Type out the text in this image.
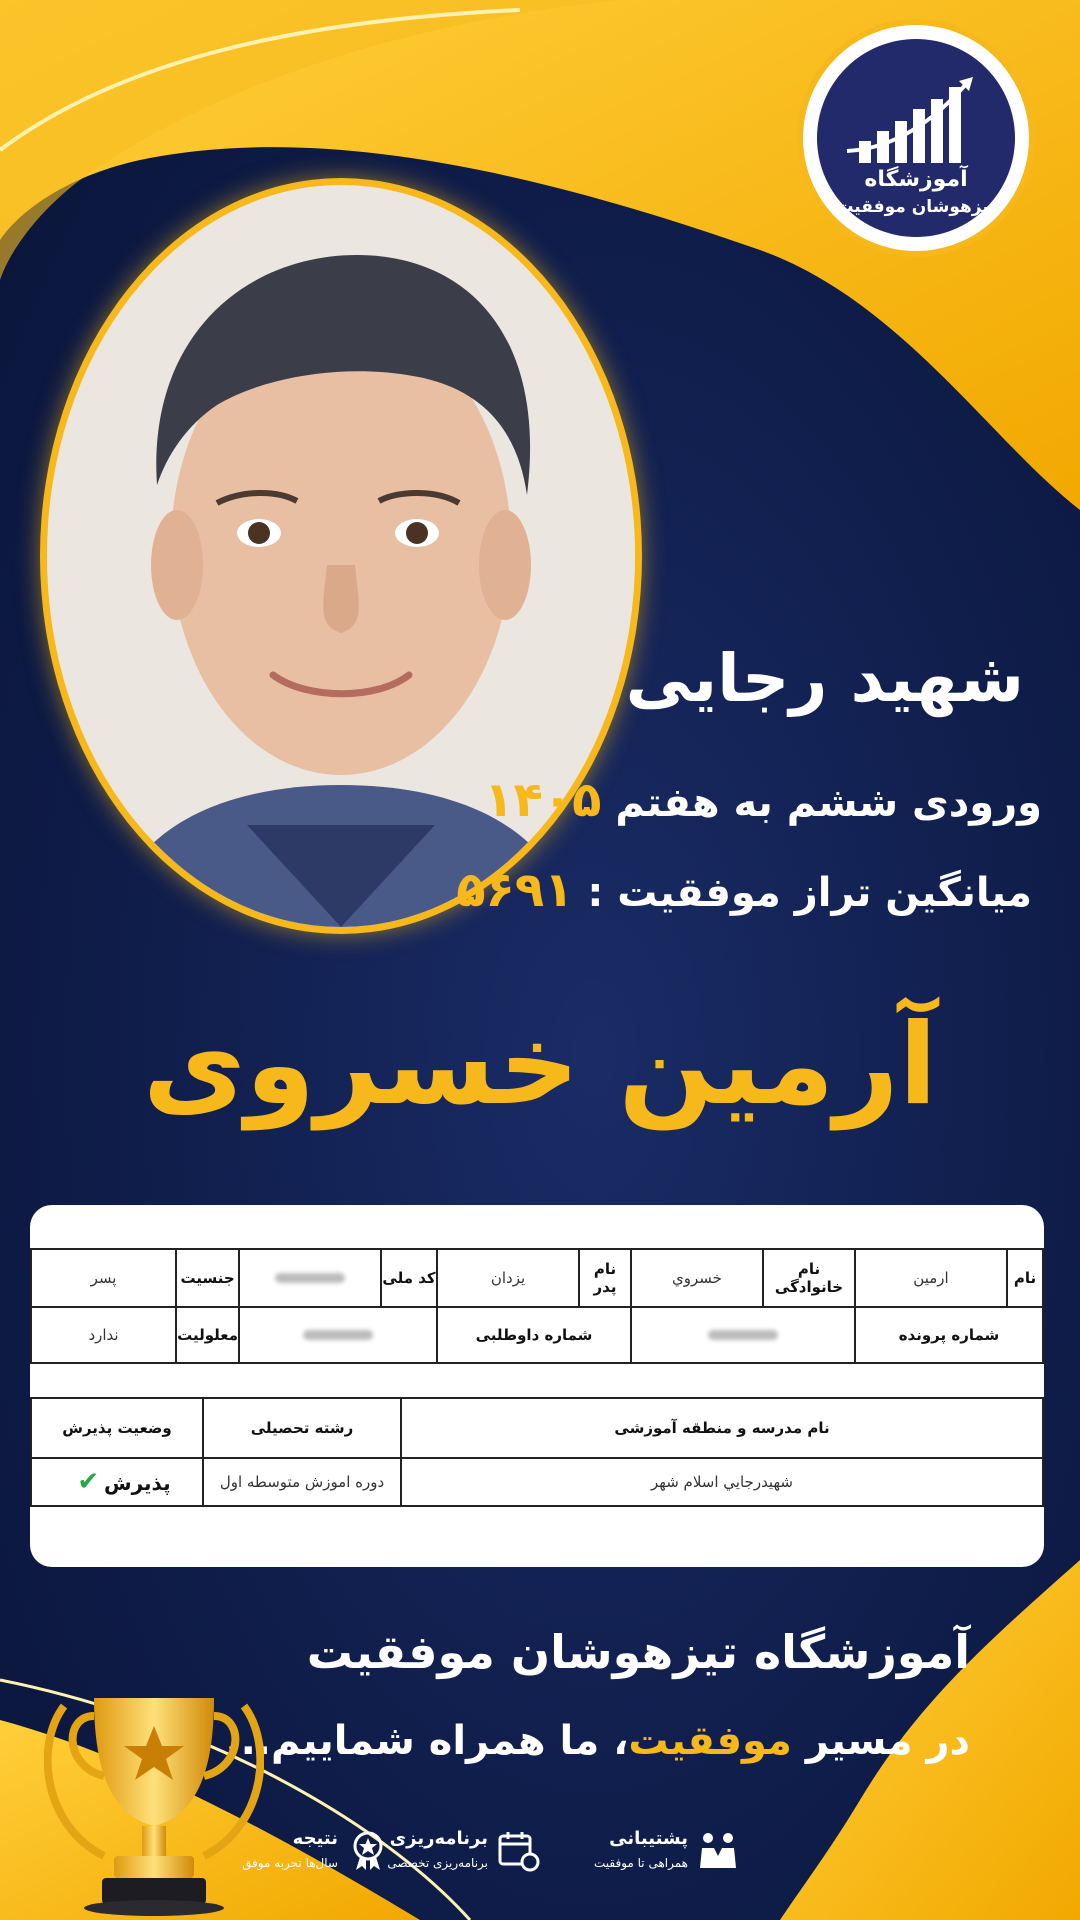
آموزشگاه
تیزهوشان موفقیت
شهید رجایی
ورودی ششم به هفتم ۱۴۰۵
میانگین تراز موفقیت : ۵۶۹۱
آرمین خسروی
نام	ارمین	نام خانوادگی	خسروي	نام پدر	يزدان	کد ملی		جنسیت	پسر
شماره پرونده				شماره داوطلبی				معلولیت	ندارد
نام مدرسه و منطقه آموزشی	رشته تحصیلی	وضعیت پذیرش
شهيدرجايي اسلام شهر	دوره اموزش متوسطه اول	پذیرش ✔
آموزشگاه تیزهوشان موفقیت
در مسیر موفقیت، ما همراه شماییم...
پشتیبانی
همراهی تا موفقیت
برنامه‌ریزی
برنامه‌ریزی تخصصی
نتیجه
سال‌ها تجربه موفق
